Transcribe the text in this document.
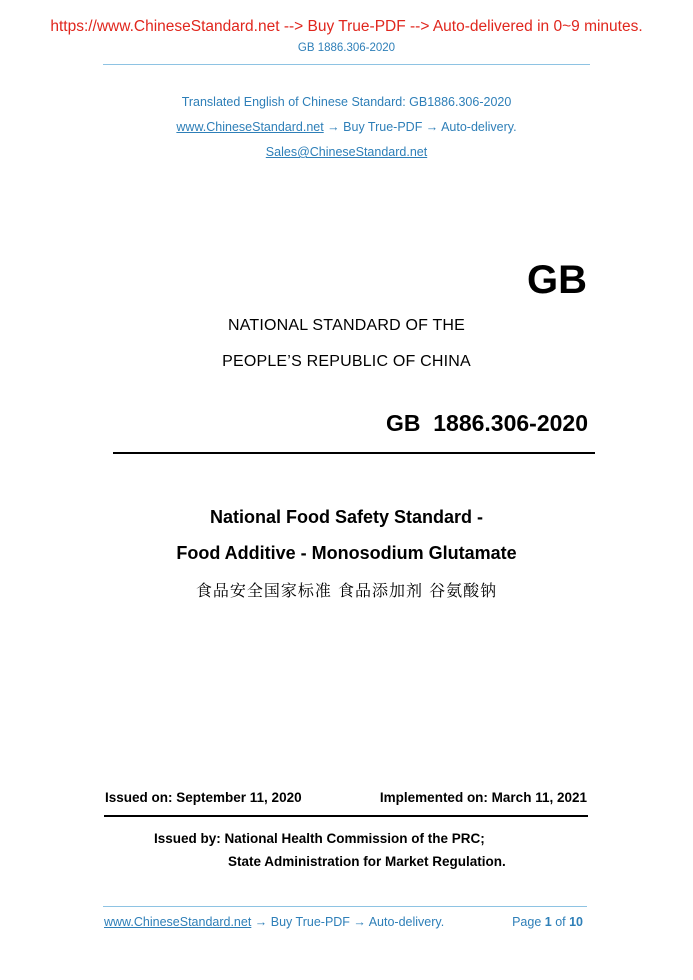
https://www.ChineseStandard.net --> Buy True-PDF --> Auto-delivered in 0~9 minutes.
GB 1886.306-2020
Translated English of Chinese Standard: GB1886.306-2020
www.ChineseStandard.net → Buy True-PDF → Auto-delivery.
Sales@ChineseStandard.net
GB
NATIONAL STANDARD OF THE
PEOPLE’S REPUBLIC OF CHINA
GB  1886.306-2020
National Food Safety Standard -
Food Additive - Monosodium Glutamate
食品安全国家标准 食品添加剂 谷氨酸钠
Issued on: September 11, 2020	Implemented on: March 11, 2021
Issued by: National Health Commission of the PRC;
State Administration for Market Regulation.
www.ChineseStandard.net → Buy True-PDF → Auto-delivery.	Page 1 of 10
